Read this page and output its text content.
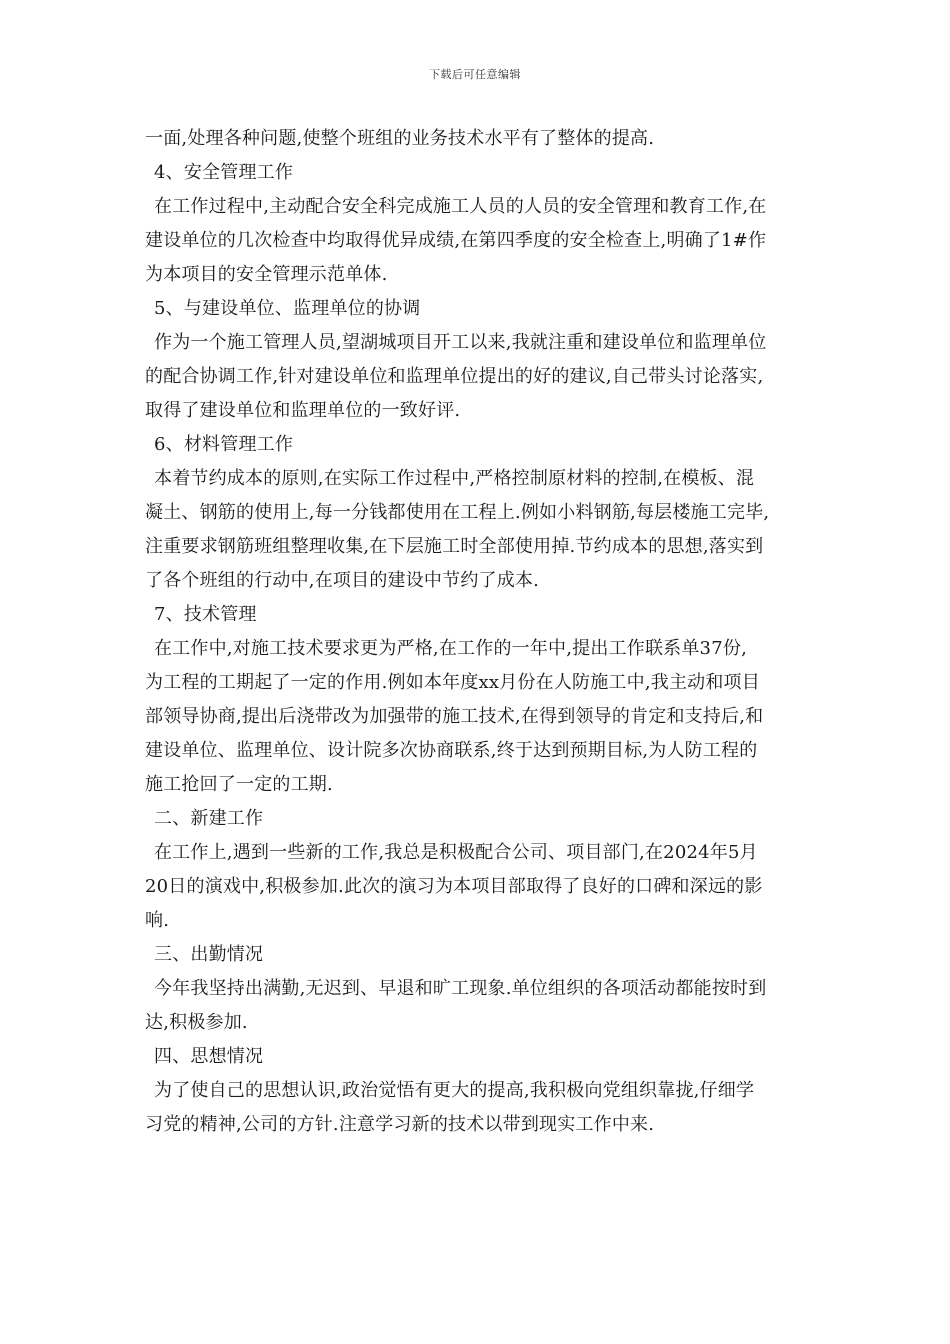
下载后可任意编辑
一面,处理各种问题,使整个班组的业务技术水平有了整体的提高.
4、安全管理工作
在工作过程中,主动配合安全科完成施工人员的人员的安全管理和教育工作,在
建设单位的几次检查中均取得优异成绩,在第四季度的安全检查上,明确了1#作
为本项目的安全管理示范单体.
5、与建设单位、监理单位的协调
作为一个施工管理人员,望湖城项目开工以来,我就注重和建设单位和监理单位
的配合协调工作,针对建设单位和监理单位提出的好的建议,自己带头讨论落实,
取得了建设单位和监理单位的一致好评.
6、材料管理工作
本着节约成本的原则,在实际工作过程中,严格控制原材料的控制,在模板、混
凝土、钢筋的使用上,每一分钱都使用在工程上.例如小料钢筋,每层楼施工完毕,
注重要求钢筋班组整理收集,在下层施工时全部使用掉.节约成本的思想,落实到
了各个班组的行动中,在项目的建设中节约了成本.
7、技术管理
在工作中,对施工技术要求更为严格,在工作的一年中,提出工作联系单37份,
为工程的工期起了一定的作用.例如本年度xx月份在人防施工中,我主动和项目
部领导协商,提出后浇带改为加强带的施工技术,在得到领导的肯定和支持后,和
建设单位、监理单位、设计院多次协商联系,终于达到预期目标,为人防工程的
施工抢回了一定的工期.
二、新建工作
在工作上,遇到一些新的工作,我总是积极配合公司、项目部门,在2024年5月
20日的演戏中,积极参加.此次的演习为本项目部取得了良好的口碑和深远的影
响.
三、出勤情况
今年我坚持出满勤,无迟到、早退和旷工现象.单位组织的各项活动都能按时到
达,积极参加.
四、思想情况
为了使自己的思想认识,政治觉悟有更大的提高,我积极向党组织靠拢,仔细学
习党的精神,公司的方针.注意学习新的技术以带到现实工作中来.
